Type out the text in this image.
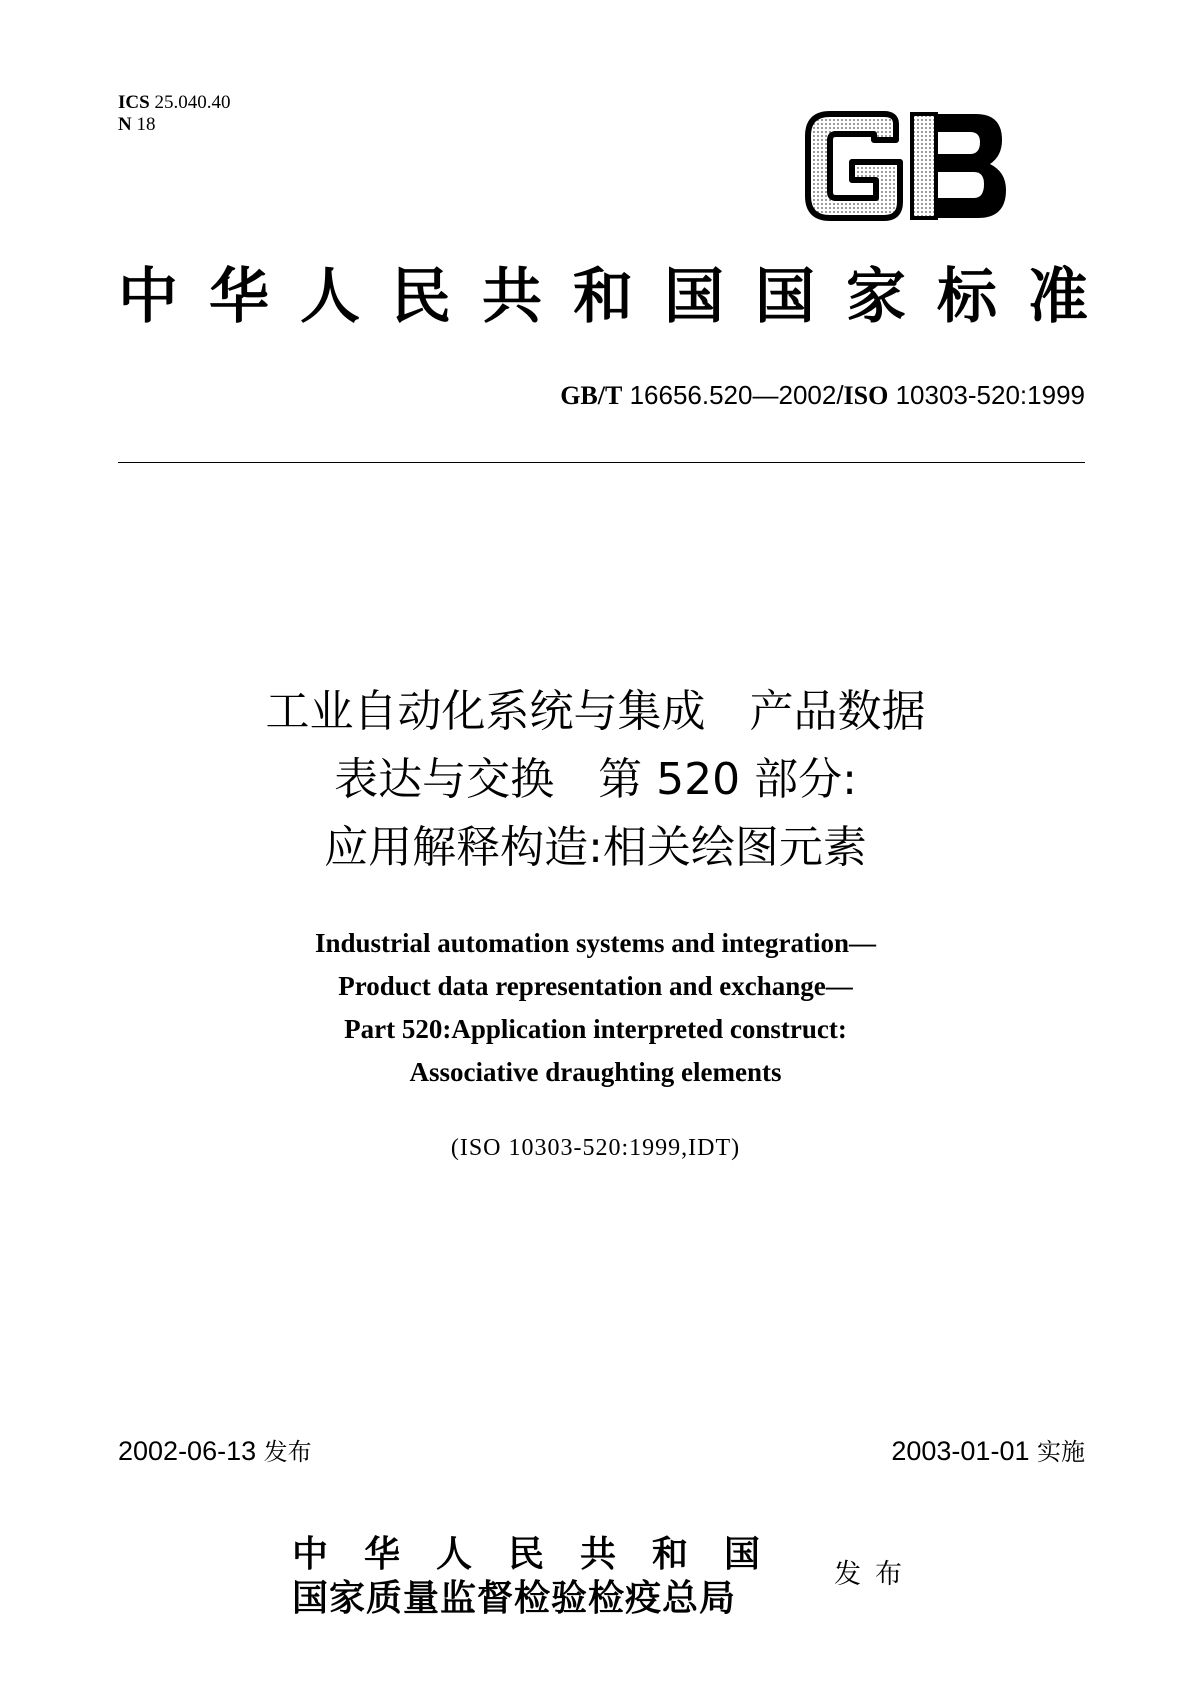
ICS 25.040.40
N 18
中华人民共和国国家标准
GB/T 16656.520—2002/ISO 10303-520:1999
工业自动化系统与集成　产品数据
表达与交换　第 520 部分:
应用解释构造:相关绘图元素
Industrial automation systems and integration—
Product data representation and exchange—
Part 520:Application interpreted construct:
Associative draughting elements
(ISO 10303-520:1999,IDT)
2002-06-13 发布	2003-01-01 实施
中华人民共和国
国家质量监督检验检疫总局
发布
